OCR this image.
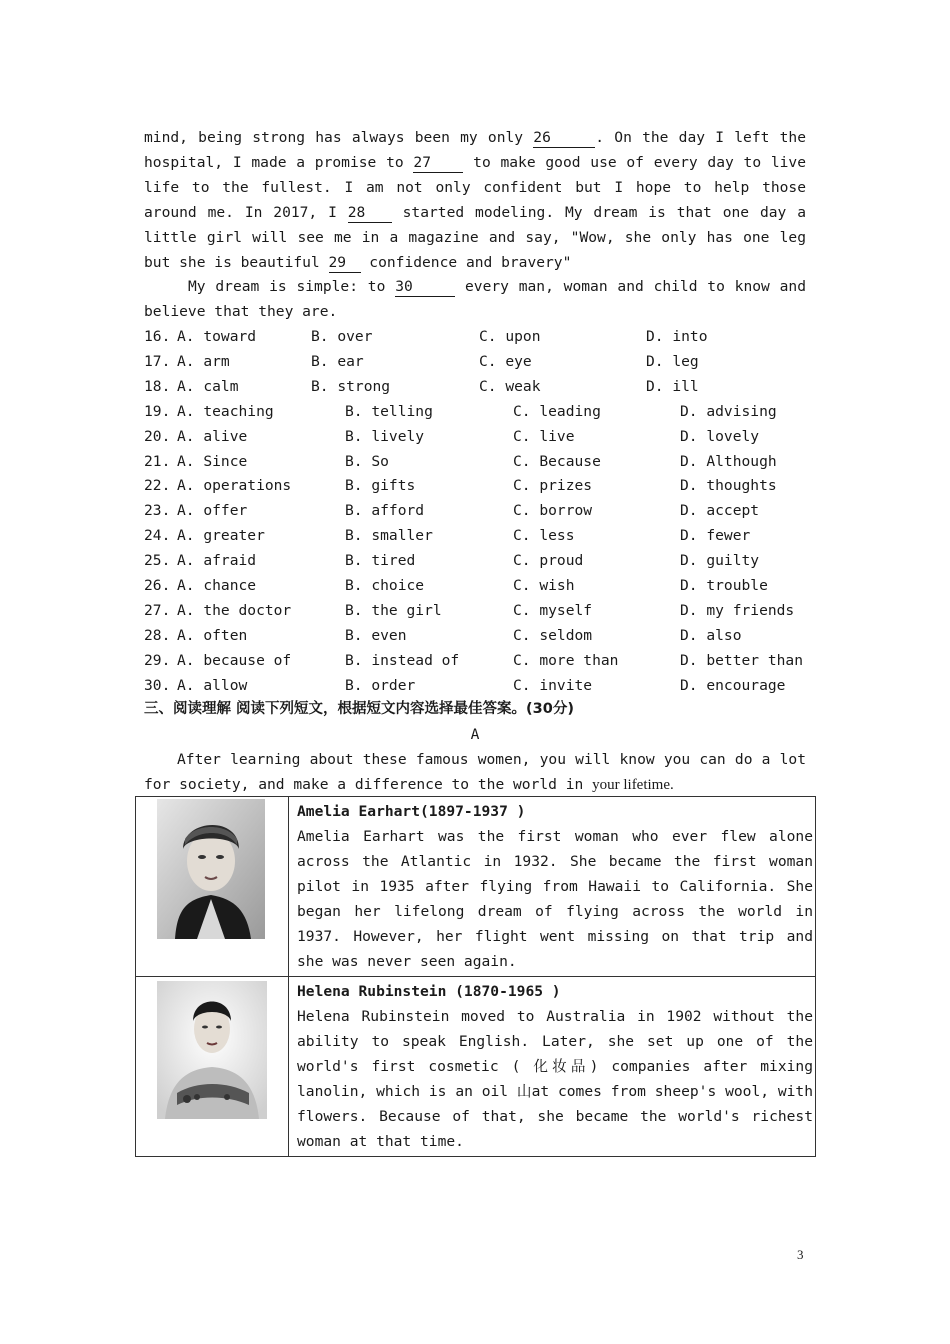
mind, being strong has always been my only 26	. On the day I left the hospital, I made a promise to 27 to make good use of every day to live life to the fullest. I am not only confident but I hope to help those around me. In 2017, I 28 started modeling. My dream is that one day a little girl will see me in a magazine and say, "Wow, she only has one leg but she is beautiful 29 confidence and bravery"
My dream is simple: to 30	every man, woman and child to know and believe that they are.
16. A. toward	B. over	C. upon	D. into
17. A. arm	B. ear	C. eye	D. leg
18. A. calm	B. strong	C. weak	D. ill
19. A. teaching	B. telling	C. leading	D. advising
20. A. alive	B. lively	C. live	D. lovely
21. A. Since	B. So	C. Because	D. Although
22. A. operations	B. gifts	C. prizes	D. thoughts
23. A. offer	B. afford	C. borrow	D. accept
24. A. greater	B. smaller	C. less	D. fewer
25. A. afraid	B. tired	C. proud	D. guilty
26. A. chance	B. choice	C. wish	D. trouble
27. A. the doctor	B. the girl	C. myself	D. my friends
28. A. often	B. even	C. seldom	D. also
29. A. because of	B. instead of	C. more than	D. better than
30. A. allow	B. order	C. invite	D. encourage
三、阅读理解 阅读下列短文，根据短文内容选择最佳答案。(30分)
A
After learning about these famous women, you will know you can do a lot for society, and make a difference to the world in your lifetime.

Amelia Earhart(1897-1937 )
Amelia Earhart was the first woman who ever flew alone across the Atlantic in 1932. She became the first woman pilot in 1935 after flying from Hawaii to California. She began her lifelong dream of flying across the world in 1937. However, her flight went missing on that trip and she was never seen again.

Helena Rubinstein (1870-1965 )
Helena Rubinstein moved to Australia in 1902 without the ability to speak English. Later, she set up one of the world's first cosmetic ( 化妆品) companies after mixing lanolin, which is an oil 山at comes from sheep's wool, with flowers. Because of that, she became the world's richest woman at that time.
3
